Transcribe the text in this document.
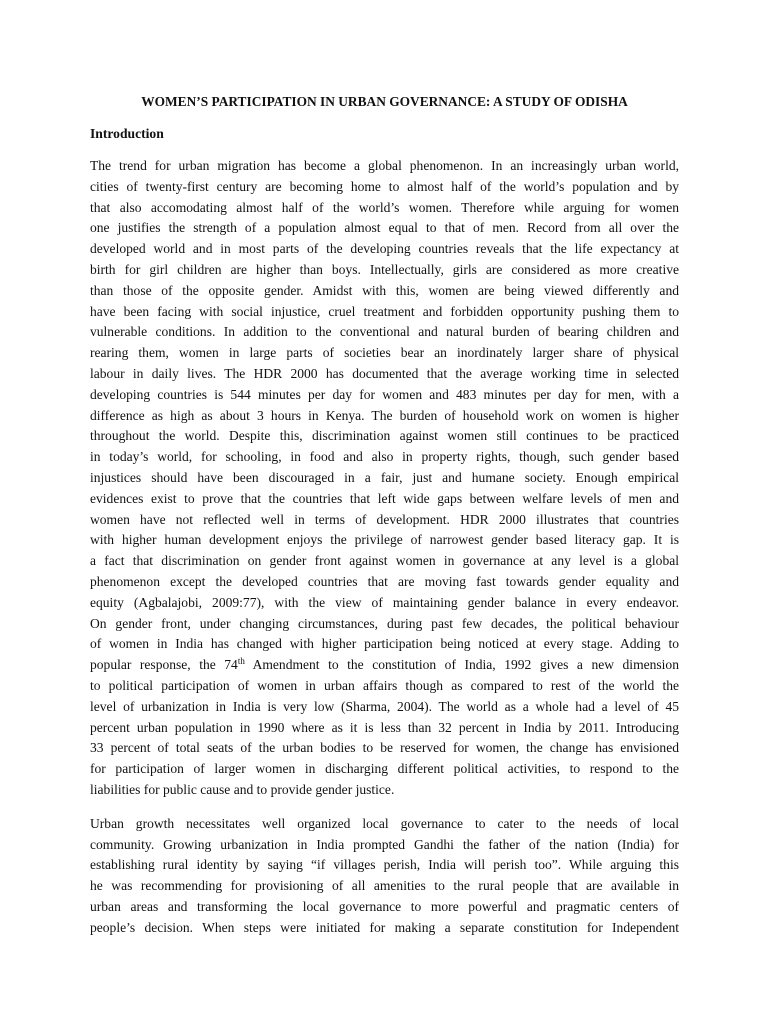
WOMEN’S PARTICIPATION IN URBAN GOVERNANCE: A STUDY OF ODISHA
Introduction
The trend for urban migration has become a global phenomenon. In an increasingly urban world,
cities of twenty-first century are becoming home to almost half of the world’s population and by
that also accomodating almost half of the world’s women. Therefore while arguing for women
one justifies the strength of a population almost equal to that of men. Record from all over the
developed world and in most parts of the developing countries reveals that the life expectancy at
birth for girl children are higher than boys. Intellectually, girls are considered as more creative
than those of the opposite gender. Amidst with this, women are being viewed differently and
have been facing with social injustice, cruel treatment and forbidden opportunity pushing them to
vulnerable conditions. In addition to the conventional and natural burden of bearing children and
rearing them, women in large parts of societies bear an inordinately larger share of physical
labour in daily lives. The HDR 2000 has documented that the average working time in selected
developing countries is 544 minutes per day for women and 483 minutes per day for men, with a
difference as high as about 3 hours in Kenya. The burden of household work on women is higher
throughout the world. Despite this, discrimination against women still continues to be practiced
in today’s world, for schooling, in food and also in property rights, though, such gender based
injustices should have been discouraged in a fair, just and humane society. Enough empirical
evidences exist to prove that the countries that left wide gaps between welfare levels of men and
women have not reflected well in terms of development. HDR 2000 illustrates that countries
with higher human development enjoys the privilege of narrowest gender based literacy gap. It is
a fact that discrimination on gender front against women in governance at any level is a global
phenomenon except the developed countries that are moving fast towards gender equality and
equity (Agbalajobi, 2009:77), with the view of maintaining gender balance in every endeavor.
On gender front, under changing circumstances, during past few decades, the political behaviour
of women in India has changed with higher participation being noticed at every stage. Adding to
popular response, the 74th Amendment to the constitution of India, 1992 gives a new dimension
to political participation of women in urban affairs though as compared to rest of the world the
level of urbanization in India is very low (Sharma, 2004). The world as a whole had a level of 45
percent urban population in 1990 where as it is less than 32 percent in India by 2011. Introducing
33 percent of total seats of the urban bodies to be reserved for women, the change has envisioned
for participation of larger women in discharging different political activities, to respond to the
liabilities for public cause and to provide gender justice.
Urban growth necessitates well organized local governance to cater to the needs of local
community. Growing urbanization in India prompted Gandhi the father of the nation (India) for
establishing rural identity by saying “if villages perish, India will perish too”. While arguing this
he was recommending for provisioning of all amenities to the rural people that are available in
urban areas and transforming the local governance to more powerful and pragmatic centers of
people’s decision. When steps were initiated for making a separate constitution for Independent
